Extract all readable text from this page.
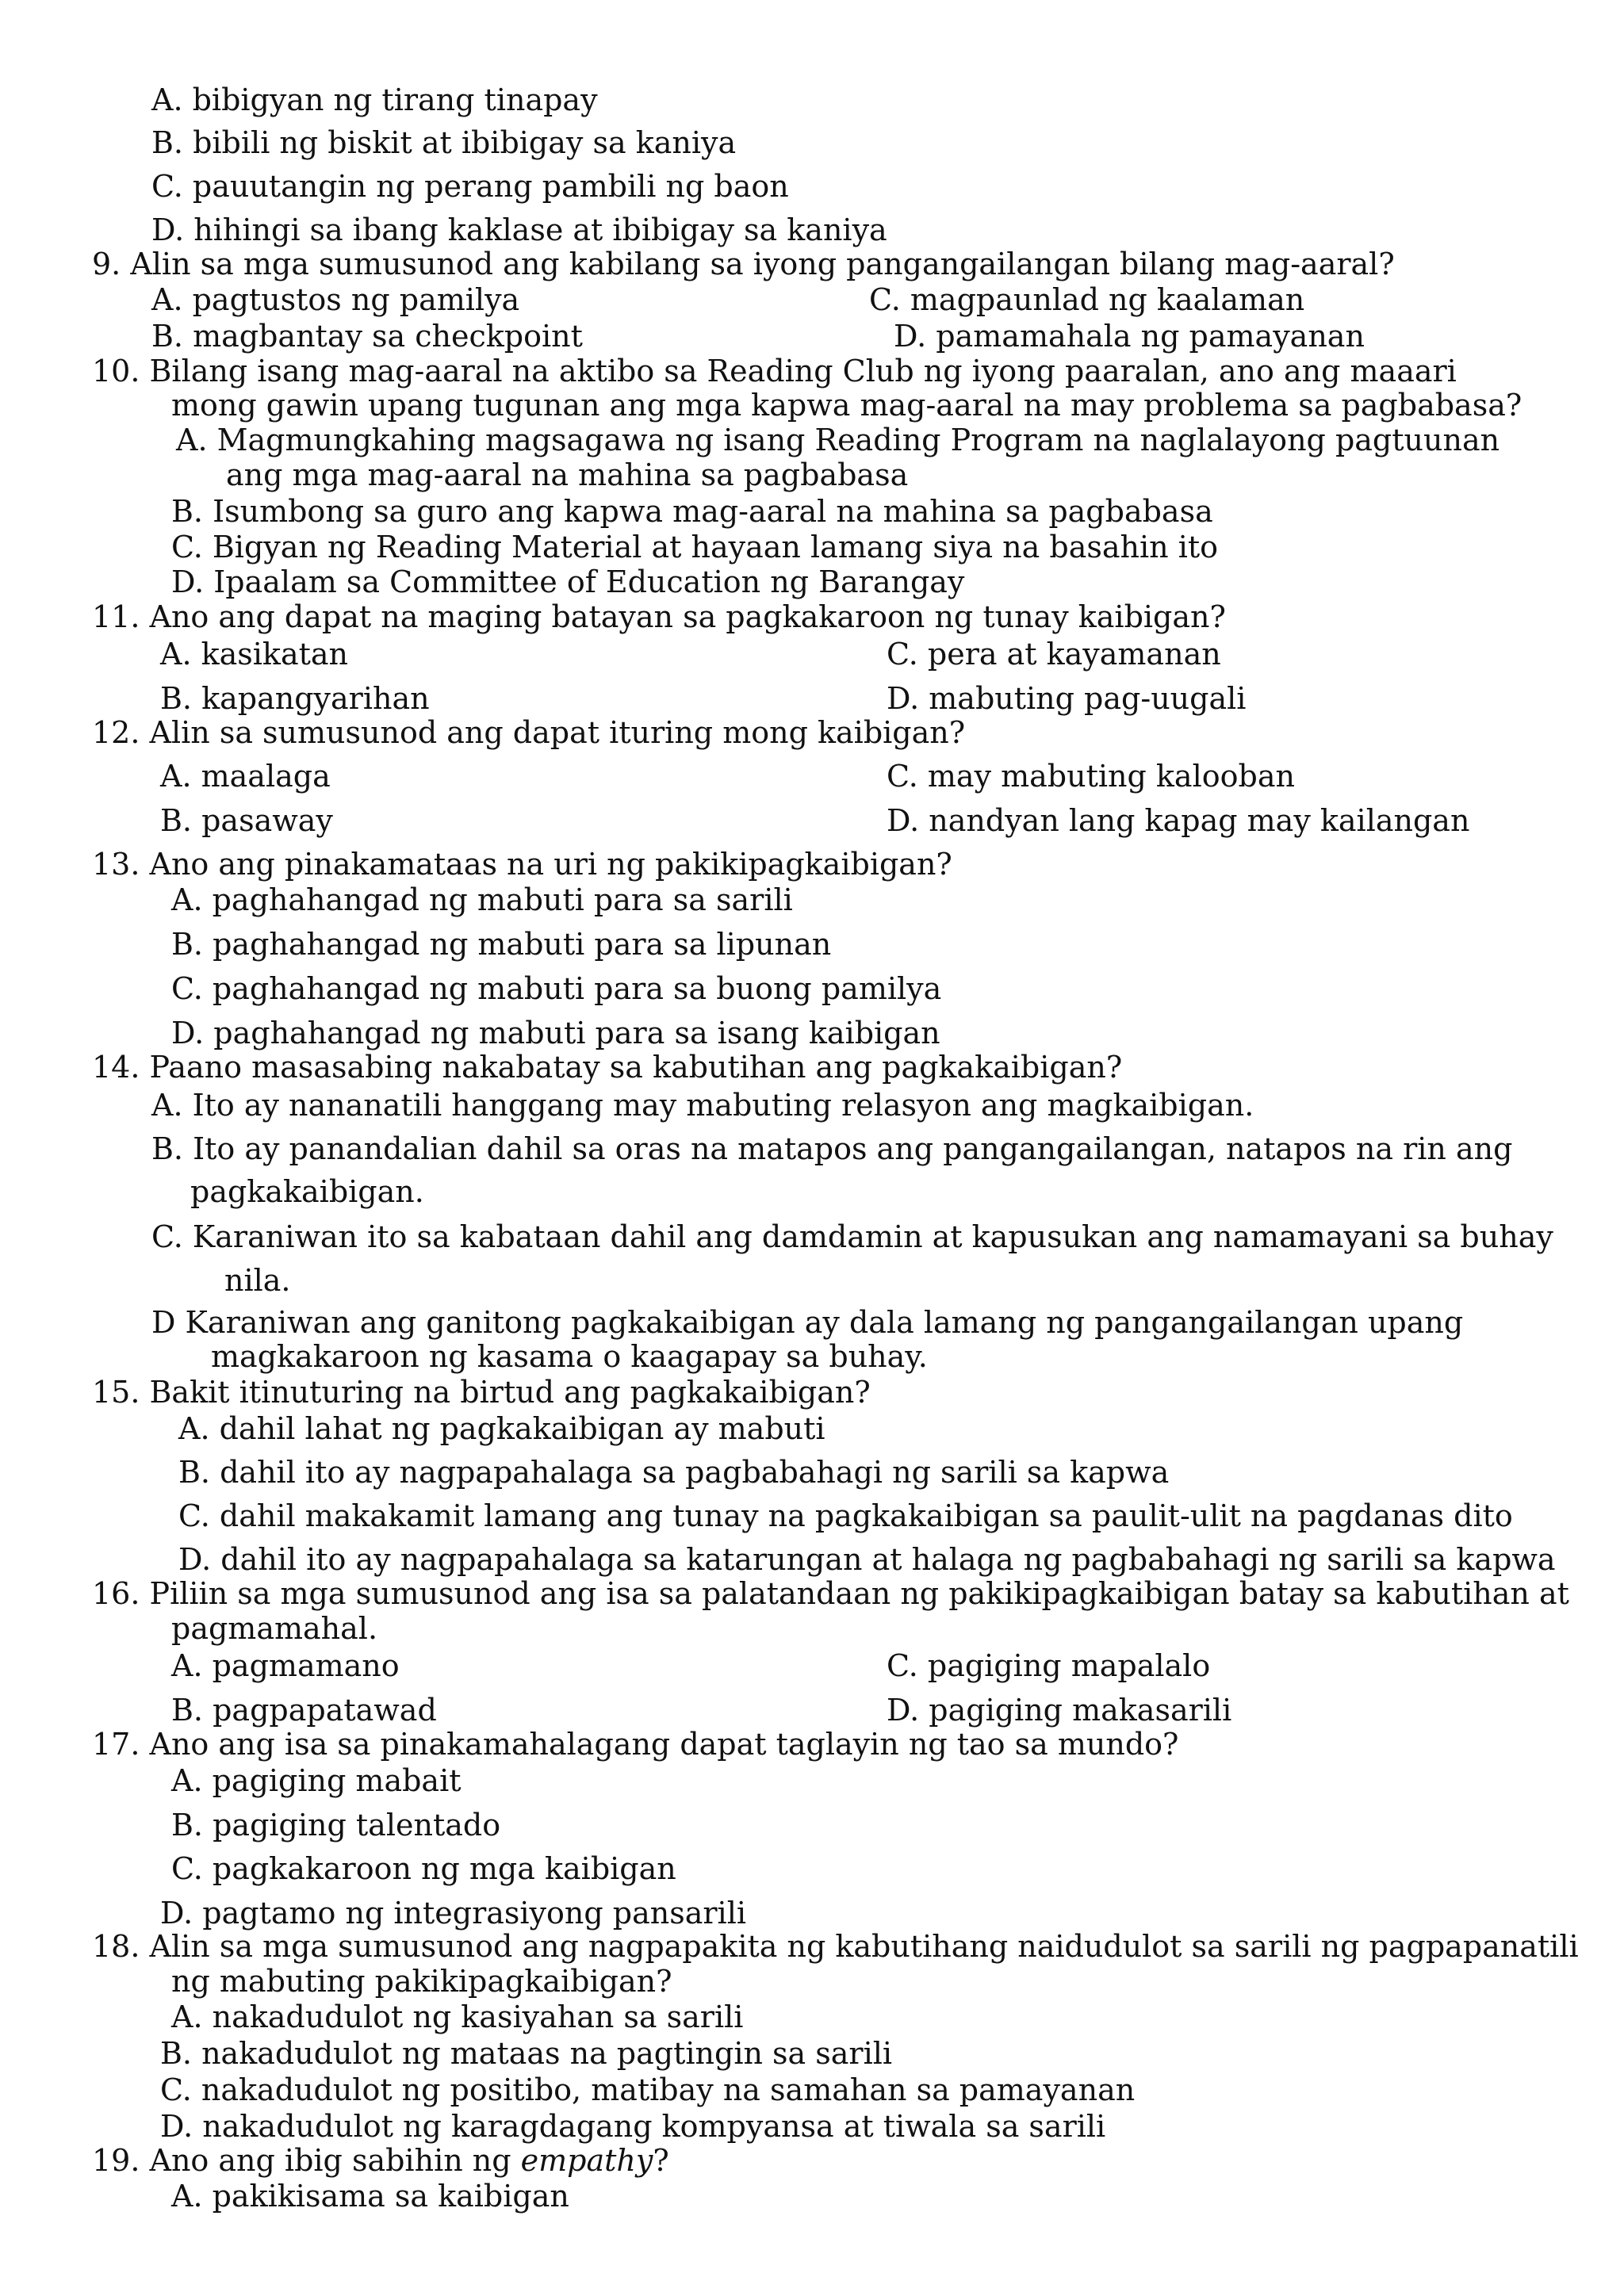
A. bibigyan ng tirang tinapay
B. bibili ng biskit at ibibigay sa kaniya
C. pauutangin ng perang pambili ng baon
D. hihingi sa ibang kaklase at ibibigay sa kaniya
9. Alin sa mga sumusunod ang kabilang sa iyong pangangailangan bilang mag-aaral?
A. pagtustos ng pamilya	C. magpaunlad ng kaalaman
B. magbantay sa checkpoint	D. pamamahala ng pamayanan
10. Bilang isang mag-aaral na aktibo sa Reading Club ng iyong paaralan, ano ang maaari
mong gawin upang tugunan ang mga kapwa mag-aaral na may problema sa pagbabasa?
A. Magmungkahing magsagawa ng isang Reading Program na naglalayong pagtuunan
ang mga mag-aaral na mahina sa pagbabasa
B. Isumbong sa guro ang kapwa mag-aaral na mahina sa pagbabasa
C. Bigyan ng Reading Material at hayaan lamang siya na basahin ito
D. Ipaalam sa Committee of Education ng Barangay
11. Ano ang dapat na maging batayan sa pagkakaroon ng tunay kaibigan?
A. kasikatan	C. pera at kayamanan
B. kapangyarihan	D. mabuting pag-uugali
12. Alin sa sumusunod ang dapat ituring mong kaibigan?
A. maalaga	C. may mabuting kalooban
B. pasaway	D. nandyan lang kapag may kailangan
13. Ano ang pinakamataas na uri ng pakikipagkaibigan?
A. paghahangad ng mabuti para sa sarili
B. paghahangad ng mabuti para sa lipunan
C. paghahangad ng mabuti para sa buong pamilya
D. paghahangad ng mabuti para sa isang kaibigan
14. Paano masasabing nakabatay sa kabutihan ang pagkakaibigan?
A. Ito ay nananatili hanggang may mabuting relasyon ang magkaibigan.
B. Ito ay panandalian dahil sa oras na matapos ang pangangailangan, natapos na rin ang
pagkakaibigan.
C. Karaniwan ito sa kabataan dahil ang damdamin at kapusukan ang namamayani sa buhay
nila.
D Karaniwan ang ganitong pagkakaibigan ay dala lamang ng pangangailangan upang
magkakaroon ng kasama o kaagapay sa buhay.
15. Bakit itinuturing na birtud ang pagkakaibigan?
A. dahil lahat ng pagkakaibigan ay mabuti
B. dahil ito ay nagpapahalaga sa pagbabahagi ng sarili sa kapwa
C. dahil makakamit lamang ang tunay na pagkakaibigan sa paulit-ulit na pagdanas dito
D. dahil ito ay nagpapahalaga sa katarungan at halaga ng pagbabahagi ng sarili sa kapwa
16. Piliin sa mga sumusunod ang isa sa palatandaan ng pakikipagkaibigan batay sa kabutihan at
pagmamahal.
A. pagmamano	C. pagiging mapalalo
B. pagpapatawad	D. pagiging makasarili
17. Ano ang isa sa pinakamahalagang dapat taglayin ng tao sa mundo?
A. pagiging mabait
B. pagiging talentado
C. pagkakaroon ng mga kaibigan
D. pagtamo ng integrasiyong pansarili
18. Alin sa mga sumusunod ang nagpapakita ng kabutihang naidudulot sa sarili ng pagpapanatili
ng mabuting pakikipagkaibigan?
A. nakadudulot ng kasiyahan sa sarili
B. nakadudulot ng mataas na pagtingin sa sarili
C. nakadudulot ng positibo, matibay na samahan sa pamayanan
D. nakadudulot ng karagdagang kompyansa at tiwala sa sarili
19. Ano ang ibig sabihin ng empathy?
A. pakikisama sa kaibigan
